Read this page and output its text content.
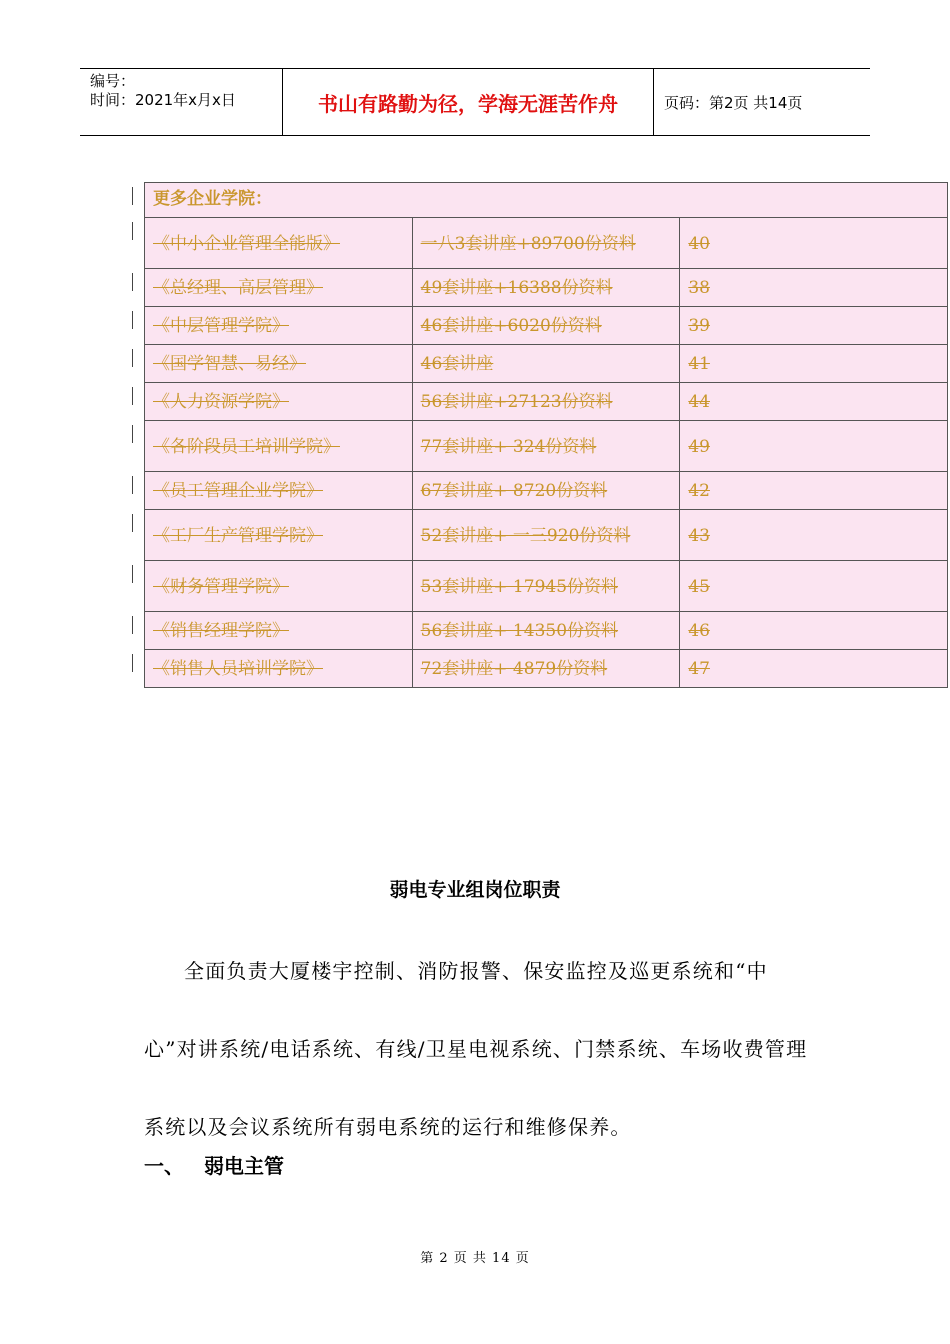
编号：
时间：2021年x月x日	书山有路勤为径，学海无涯苦作舟	页码：第2页 共14页
更多企业学院：		
《中小企业管理全能版》	一八3套讲座+89700份资料	40
《总经理、高层管理》	49套讲座+16388份资料	38
《中层管理学院》	46套讲座+6020份资料	39
《国学智慧、易经》	46套讲座	41
《人力资源学院》	56套讲座+27123份资料	44
《各阶段员工培训学院》	77套讲座+ 324份资料	49
《员工管理企业学院》	67套讲座+ 8720份资料	42
《工厂生产管理学院》	52套讲座+ 一三920份资料	43
《财务管理学院》	53套讲座+ 17945份资料	45
《销售经理学院》	56套讲座+ 14350份资料	46
《销售人员培训学院》	72套讲座+ 4879份资料	47
弱电专业组岗位职责
全面负责大厦楼宇控制、消防报警、保安监控及巡更系统和“中心”对讲系统/电话系统、有线/卫星电视系统、门禁系统、车场收费管理系统以及会议系统所有弱电系统的运行和维修保养。
一、 弱电主管
第 2 页 共 14 页
